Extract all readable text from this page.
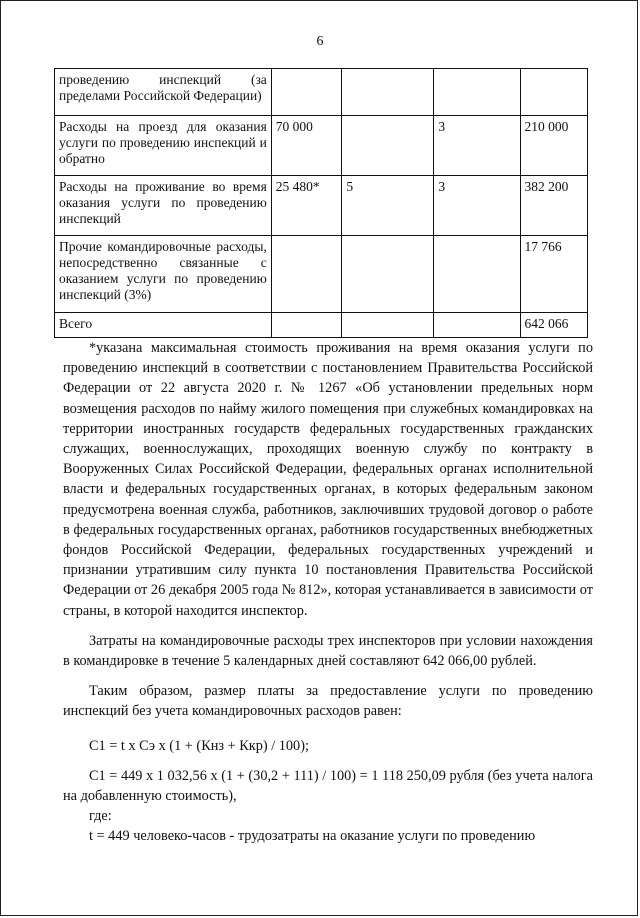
6
проведению инспекций (за пределами Российской Федерации)				
Расходы на проезд для оказания услуги по проведению инспекций и обратно	70 000		3	210 000
Расходы на проживание во время оказания услуги по проведению инспекций	25 480*	5	3	382 200
Прочие командировочные расходы, непосредственно связанные с оказанием услуги по проведению инспекций (3%)				17 766
Всего				642 066

*указана максимальная стоимость проживания на время оказания услуги по проведению инспекций в соответствии с постановлением Правительства Российской Федерации от 22 августа 2020 г. № 1267 «Об установлении предельных норм возмещения расходов по найму жилого помещения при служебных командировках на территории иностранных государств федеральных государственных гражданских служащих, военнослужащих, проходящих военную службу по контракту в Вооруженных Силах Российской Федерации, федеральных органах исполнительной власти и федеральных государственных органах, в которых федеральным законом предусмотрена военная служба, работников, заключивших трудовой договор о работе в федеральных государственных органах, работников государственных внебюджетных фондов Российской Федерации, федеральных государственных учреждений и признании утратившим силу пункта 10 постановления Правительства Российской Федерации от 26 декабря 2005 года № 812», которая устанавливается в зависимости от страны, в которой находится инспектор.

Затраты на командировочные расходы трех инспекторов при условии нахождения в командировке в течение 5 календарных дней составляют 642 066,00 рублей.

Таким образом, размер платы за предоставление услуги по проведению инспекций без учета командировочных расходов равен:

С1 = t x Сэ x (1 + (Кнз + Ккр) / 100);

С1 = 449 x 1 032,56 x (1 + (30,2 + 111) / 100) = 1 118 250,09 рубля (без учета налога на добавленную стоимость),

где:

t = 449 человеко-часов - трудозатраты на оказание услуги по проведению
